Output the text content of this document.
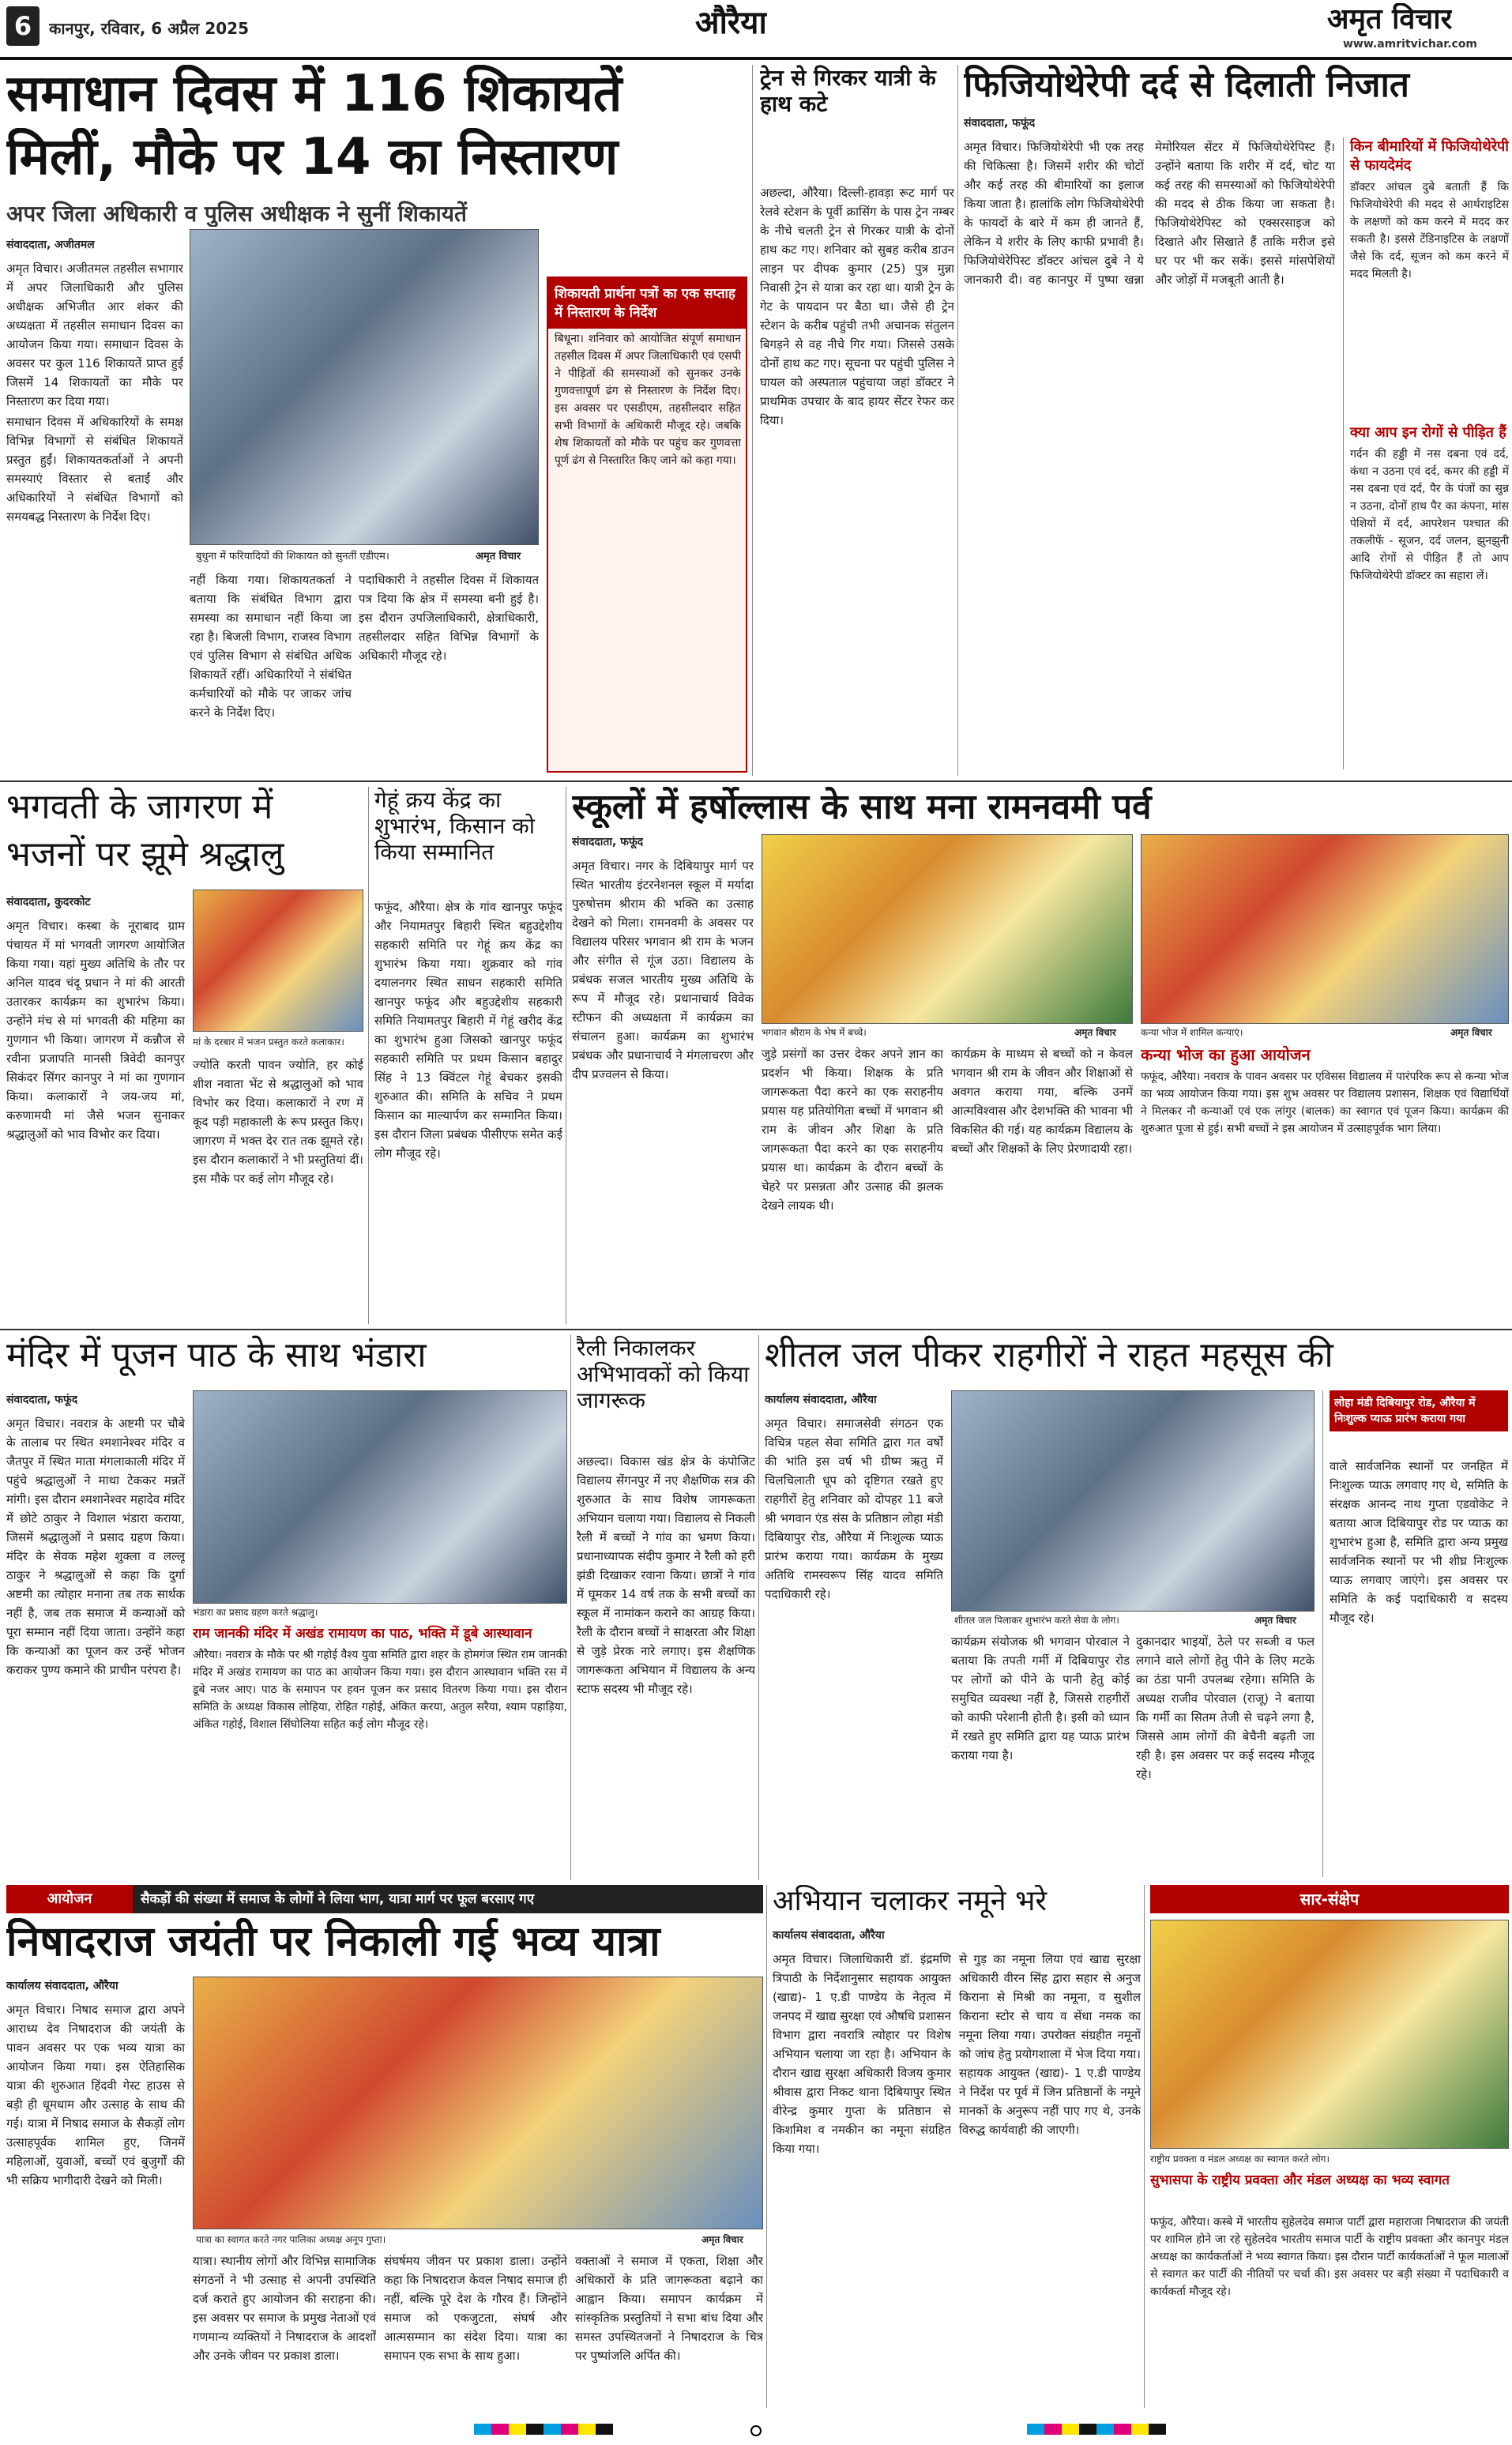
6	कानपुर, रविवार, 6 अप्रैल 2025	औरैया	अमृत विचार
www.amritvichar.com
समाधान दिवस में 116 शिकायतें
मिलीं, मौके पर 14 का निस्तारण
अपर जिला अधिकारी व पुलिस अधीक्षक ने सुनीं शिकायतें
संवाददाता, अजीतमल
बुधुना में फरियादियों की शिकायत को सुनतीं एडीएम।	अमृत विचार

अमृत विचार। अजीतमल तहसील सभागार में अपर जिलाधिकारी और पुलिस अधीक्षक अभिजीत आर शंकर की अध्यक्षता में तहसील समाधान दिवस का आयोजन किया गया। समाधान दिवस के अवसर पर कुल 116 शिकायतें प्राप्त हुई जिसमें 14 शिकायतों का मौके पर निस्तारण कर दिया गया।

समाधान दिवस में अधिकारियों के समक्ष विभिन्न विभागों से संबंधित शिकायतें प्रस्तुत हुईं। शिकायतकर्ताओं ने अपनी समस्याएं विस्तार से बताईं और अधिकारियों ने संबंधित विभागों को समयबद्ध निस्तारण के निर्देश दिए।

नहीं किया गया। शिकायतकर्ता ने बताया कि संबंधित विभाग द्वारा समस्या का समाधान नहीं किया जा रहा है। बिजली विभाग, राजस्व विभाग एवं पुलिस विभाग से संबंधित अधिक शिकायतें रहीं। अधिकारियों ने संबंधित कर्मचारियों को मौके पर जाकर जांच करने के निर्देश दिए।

पदाधिकारी ने तहसील दिवस में शिकायत पत्र दिया कि क्षेत्र में समस्या बनी हुई है। इस दौरान उपजिलाधिकारी, क्षेत्राधिकारी, तहसीलदार सहित विभिन्न विभागों के अधिकारी मौजूद रहे।

शिकायती प्रार्थना पत्रों का एक सप्ताह में निस्तारण के निर्देश
बिधूना। शनिवार को आयोजित संपूर्ण समाधान तहसील दिवस में अपर जिलाधिकारी एवं एसपी ने पीड़ितों की समस्याओं को सुनकर उनके गुणवत्तापूर्ण ढंग से निस्तारण के निर्देश दिए। इस अवसर पर एसडीएम, तहसीलदार सहित सभी विभागों के अधिकारी मौजूद रहे। जबकि शेष शिकायतों को मौके पर पहुंच कर गुणवत्ता पूर्ण ढंग से निस्तारित किए जाने को कहा गया।
ट्रेन से गिरकर यात्री के हाथ कटे
अछल्दा, औरैया। दिल्ली-हावड़ा रूट मार्ग पर रेलवे स्टेशन के पूर्वी क्रासिंग के पास ट्रेन नम्बर के नीचे चलती ट्रेन से गिरकर यात्री के दोनों हाथ कट गए। शनिवार को सुबह करीब डाउन लाइन पर दीपक कुमार (25) पुत्र मुन्ना निवासी ट्रेन से यात्रा कर रहा था। यात्री ट्रेन के गेट के पायदान पर बैठा था। जैसे ही ट्रेन स्टेशन के करीब पहुंची तभी अचानक संतुलन बिगड़ने से वह नीचे गिर गया। जिससे उसके दोनों हाथ कट गए। सूचना पर पहुंची पुलिस ने घायल को अस्पताल पहुंचाया जहां डॉक्टर ने प्राथमिक उपचार के बाद हायर सेंटर रेफर कर दिया।
फिजियोथेरेपी दर्द से दिलाती निजात
संवाददाता, फफूंद
अमृत विचार। फिजियोथेरेपी भी एक तरह की चिकित्सा है। जिसमें शरीर की चोटों और कई तरह की बीमारियों का इलाज किया जाता है। हालांकि लोग फिजियोथेरेपी के फायदों के बारे में कम ही जानते हैं, लेकिन ये शरीर के लिए काफी प्रभावी है। फिजियोथेरेपिस्ट डॉक्टर आंचल दुबे ने ये जानकारी दी। वह कानपुर में पुष्पा खन्ना मेमोरियल सेंटर में फिजियोथेरेपिस्ट हैं। उन्होंने बताया कि शरीर में दर्द, चोट या कई तरह की समस्याओं को फिजियोथेरेपी की मदद से ठीक किया जा सकता है। फिजियोथेरेपिस्ट को एक्सरसाइज को दिखाते और सिखाते हैं ताकि मरीज इसे घर पर भी कर सकें। इससे मांसपेशियों और जोड़ों में मजबूती आती है।
किन बीमारियों में फिजियोथेरेपी से फायदेमंद
डॉक्टर आंचल दुबे बताती हैं कि फिजियोथेरेपी की मदद से आर्थराइटिस के लक्षणों को कम करने में मदद कर सकती है। इससे टेंडिनाइटिस के लक्षणों जैसे कि दर्द, सूजन को कम करने में मदद मिलती है।
क्या आप इन रोगों से पीड़ित हैं
गर्दन की हड्डी में नस दबना एवं दर्द, कंधा न उठना एवं दर्द, कमर की हड्डी में नस दबना एवं दर्द, पैर के पंजों का सुन्न न उठना, दोनों हाथ पैर का कंपना, मांस पेशियों में दर्द, आपरेशन पश्चात की तकलीफें - सूजन, दर्द जलन, झुनझुनी आदि रोगों से पीड़ित हैं तो आप फिजियोथेरेपी डॉक्टर का सहारा लें।
भगवती के जागरण में
भजनों पर झूमे श्रद्धालु
संवाददाता, कुदरकोट
मां के दरबार में भजन प्रस्तुत करते कलाकार।
अमृत विचार। कस्बा के नूराबाद ग्राम पंचायत में मां भगवती जागरण आयोजित किया गया। यहां मुख्य अतिथि के तौर पर अनिल यादव चंदू प्रधान ने मां की आरती उतारकर कार्यक्रम का शुभारंभ किया। उन्होंने मंच से मां भगवती की महिमा का गुणगान भी किया। जागरण में कन्नौज से रवीना प्रजापति मानसी त्रिवेदी कानपुर सिकंदर सिंगर कानपुर ने मां का गुणगान किया। कलाकारों ने जय-जय मां, करुणामयी मां जैसे भजन सुनाकर श्रद्धालुओं को भाव विभोर कर दिया।
ज्योति करती पावन ज्योति, हर कोई शीश नवाता भेंट से श्रद्धालुओं को भाव विभोर कर दिया। कलाकारों ने रण में कूद पड़ी महाकाली के रूप प्रस्तुत किए। जागरण में भक्त देर रात तक झूमते रहे। इस दौरान कलाकारों ने भी प्रस्तुतियां दीं। इस मौके पर कई लोग मौजूद रहे।
गेहूं क्रय केंद्र का शुभारंभ, किसान को किया सम्मानित
फफूंद, औरैया। क्षेत्र के गांव खानपुर फफूंद और नियामतपुर बिहारी स्थित बहुउद्देशीय सहकारी समिति पर गेहूं क्रय केंद्र का शुभारंभ किया गया। शुक्रवार को गांव दयालनगर स्थित साधन सहकारी समिति खानपुर फफूंद और बहुउद्देशीय सहकारी समिति नियामतपुर बिहारी में गेहूं खरीद केंद्र का शुभारंभ हुआ जिसको खानपुर फफूंद सहकारी समिति पर प्रथम किसान बहादुर सिंह ने 13 क्विंटल गेहूं बेचकर इसकी शुरुआत की। समिति के सचिव ने प्रथम किसान का माल्यार्पण कर सम्मानित किया। इस दौरान जिला प्रबंधक पीसीएफ समेत कई लोग मौजूद रहे।
स्कूलों में हर्षोल्लास के साथ मना रामनवमी पर्व
संवाददाता, फफूंद
भगवान श्रीराम के भेष में बच्चे।	अमृत विचार	कन्या भोज में शामिल कन्याएं।	अमृत विचार
अमृत विचार। नगर के दिबियापुर मार्ग पर स्थित भारतीय इंटरनेशनल स्कूल में मर्यादा पुरुषोत्तम श्रीराम की भक्ति का उत्साह देखने को मिला। रामनवमी के अवसर पर विद्यालय परिसर भगवान श्री राम के भजन और संगीत से गूंज उठा। विद्यालय के प्रबंधक सजल भारतीय मुख्य अतिथि के रूप में मौजूद रहे। प्रधानाचार्य विवेक स्टीफन की अध्यक्षता में कार्यक्रम का संचालन हुआ। कार्यक्रम का शुभारंभ प्रबंधक और प्रधानाचार्य ने मंगलाचरण और दीप प्रज्वलन से किया।
जुड़े प्रसंगों का उत्तर देकर अपने ज्ञान का प्रदर्शन भी किया। शिक्षक के प्रति जागरूकता पैदा करने का एक सराहनीय प्रयास यह प्रतियोगिता बच्चों में भगवान श्री राम के जीवन और शिक्षा के प्रति जागरूकता पैदा करने का एक सराहनीय प्रयास था। कार्यक्रम के दौरान बच्चों के चेहरे पर प्रसन्नता और उत्साह की झलक देखने लायक थी।
कार्यक्रम के माध्यम से बच्चों को न केवल भगवान श्री राम के जीवन और शिक्षाओं से अवगत कराया गया, बल्कि उनमें आत्मविश्वास और देशभक्ति की भावना भी विकसित की गई। यह कार्यक्रम विद्यालय के बच्चों और शिक्षकों के लिए प्रेरणादायी रहा।
कन्या भोज का हुआ आयोजन
फफूंद, औरैया। नवरात्र के पावन अवसर पर एविसस विद्यालय में पारंपरिक रूप से कन्या भोज का भव्य आयोजन किया गया। इस शुभ अवसर पर विद्यालय प्रशासन, शिक्षक एवं विद्यार्थियों ने मिलकर नौ कन्याओं एवं एक लांगुर (बालक) का स्वागत एवं पूजन किया। कार्यक्रम की शुरुआत पूजा से हुई। सभी बच्चों ने इस आयोजन में उत्साहपूर्वक भाग लिया।
मंदिर में पूजन पाठ के साथ भंडारा
संवाददाता, फफूंद
भंडारा का प्रसाद ग्रहण करते श्रद्धालु।
अमृत विचार। नवरात्र के अष्टमी पर चौबे के तालाब पर स्थित श्मशानेश्वर मंदिर व जैतपुर में स्थित माता मंगलाकाली मंदिर में पहुंचे श्रद्धालुओं ने माथा टेककर मन्नतें मांगी। इस दौरान श्मशानेश्वर महादेव मंदिर में छोटे ठाकुर ने विशाल भंडारा कराया, जिसमें श्रद्धालुओं ने प्रसाद ग्रहण किया। मंदिर के सेवक महेश शुक्ला व लल्लू ठाकुर ने श्रद्धालुओं से कहा कि दुर्गा अष्टमी का त्योहार मनाना तब तक सार्थक नहीं है, जब तक समाज में कन्याओं को पूरा सम्मान नहीं दिया जाता। उन्होंने कहा कि कन्याओं का पूजन कर उन्हें भोजन कराकर पुण्य कमाने की प्राचीन परंपरा है।
राम जानकी मंदिर में अखंड रामायण का पाठ, भक्ति में डूबे आस्थावान
औरैया। नवरात्र के मौके पर श्री गहोई वैश्य युवा समिति द्वारा शहर के होमगंज स्थित राम जानकी मंदिर में अखंड रामायण का पाठ का आयोजन किया गया। इस दौरान आस्थावान भक्ति रस में डूबे नजर आए। पाठ के समापन पर हवन पूजन कर प्रसाद वितरण किया गया। इस दौरान समिति के अध्यक्ष विकास लोहिया, रोहित गहोई, अंकित करया, अतुल सरैया, श्याम पहाड़िया, अंकित गहोई, विशाल सिंघोलिया सहित कई लोग मौजूद रहे।
रैली निकालकर अभिभावकों को किया जागरूक
अछल्दा। विकास खंड क्षेत्र के कंपोजिट विद्यालय सेंगनपुर में नए शैक्षणिक सत्र की शुरुआत के साथ विशेष जागरूकता अभियान चलाया गया। विद्यालय से निकली रैली में बच्चों ने गांव का भ्रमण किया। प्रधानाध्यापक संदीप कुमार ने रैली को हरी झंडी दिखाकर रवाना किया। छात्रों ने गांव में घूमकर 14 वर्ष तक के सभी बच्चों का स्कूल में नामांकन कराने का आग्रह किया। रैली के दौरान बच्चों ने साक्षरता और शिक्षा से जुड़े प्रेरक नारे लगाए। इस शैक्षणिक जागरूकता अभियान में विद्यालय के अन्य स्टाफ सदस्य भी मौजूद रहे।
शीतल जल पीकर राहगीरों ने राहत महसूस की
कार्यालय संवाददाता, औरैया
शीतल जल पिलाकर शुभारंभ करते सेवा के लोग।	अमृत विचार
अमृत विचार। समाजसेवी संगठन एक विचित्र पहल सेवा समिति द्वारा गत वर्षों की भांति इस वर्ष भी ग्रीष्म ऋतु में चिलचिलाती धूप को दृष्टिगत रखते हुए राहगीरों हेतु शनिवार को दोपहर 11 बजे श्री भगवान एंड संस के प्रतिष्ठान लोहा मंडी दिबियापुर रोड, औरैया में निःशुल्क प्याऊ प्रारंभ कराया गया। कार्यक्रम के मुख्य अतिथि रामस्वरूप सिंह यादव समिति पदाधिकारी रहे।
कार्यक्रम संयोजक श्री भगवान पोरवाल ने बताया कि तपती गर्मी में दिबियापुर रोड पर लोगों को पीने के पानी हेतु कोई समुचित व्यवस्था नहीं है, जिससे राहगीरों को काफी परेशानी होती है। इसी को ध्यान में रखते हुए समिति द्वारा यह प्याऊ प्रारंभ कराया गया है।
दुकानदार भाइयों, ठेले पर सब्जी व फल लगाने वाले लोगों हेतु पीने के लिए मटके का ठंडा पानी उपलब्ध रहेगा। समिति के अध्यक्ष राजीव पोरवाल (राजू) ने बताया कि गर्मी का सितम तेजी से चढ़ने लगा है, जिससे आम लोगों की बेचैनी बढ़ती जा रही है। इस अवसर पर कई सदस्य मौजूद रहे।
लोहा मंडी दिबियापुर रोड, औरैया में निःशुल्क प्याऊ प्रारंभ कराया गया
वाले सार्वजनिक स्थानों पर जनहित में निःशुल्क प्याऊ लगवाए गए थे, समिति के संरक्षक आनन्द नाथ गुप्ता एडवोकेट ने बताया आज दिबियापुर रोड पर प्याऊ का शुभारंभ हुआ है, समिति द्वारा अन्य प्रमुख सार्वजनिक स्थानों पर भी शीघ्र निःशुल्क प्याऊ लगवाए जाएंगे। इस अवसर पर समिति के कई पदाधिकारी व सदस्य मौजूद रहे।
आयोजन	सैकड़ों की संख्या में समाज के लोगों ने लिया भाग, यात्रा मार्ग पर फूल बरसाए गए
निषादराज जयंती पर निकाली गई भव्य यात्रा
कार्यालय संवाददाता, औरैया
यात्रा का स्वागत करते नगर पालिका अध्यक्ष अनूप गुप्ता।	अमृत विचार
अमृत विचार। निषाद समाज द्वारा अपने आराध्य देव निषादराज की जयंती के पावन अवसर पर एक भव्य यात्रा का आयोजन किया गया। इस ऐतिहासिक यात्रा की शुरुआत हिंदवी गेस्ट हाउस से बड़ी ही धूमधाम और उत्साह के साथ की गई। यात्रा में निषाद समाज के सैकड़ों लोग उत्साहपूर्वक शामिल हुए, जिनमें महिलाओं, युवाओं, बच्चों एवं बुजुर्गों की भी सक्रिय भागीदारी देखने को मिली।
यात्रा। स्थानीय लोगों और विभिन्न सामाजिक संगठनों ने भी उत्साह से अपनी उपस्थिति दर्ज कराते हुए आयोजन की सराहना की। इस अवसर पर समाज के प्रमुख नेताओं एवं गणमान्य व्यक्तियों ने निषादराज के आदर्शों और उनके जीवन पर प्रकाश डाला।
संघर्षमय जीवन पर प्रकाश डाला। उन्होंने कहा कि निषादराज केवल निषाद समाज ही नहीं, बल्कि पूरे देश के गौरव हैं। जिन्होंने समाज को एकजुटता, संघर्ष और आत्मसम्मान का संदेश दिया। यात्रा का समापन एक सभा के साथ हुआ।
वक्ताओं ने समाज में एकता, शिक्षा और अधिकारों के प्रति जागरूकता बढ़ाने का आह्वान किया। समापन कार्यक्रम में सांस्कृतिक प्रस्तुतियों ने सभा बांध दिया और समस्त उपस्थितजनों ने निषादराज के चित्र पर पुष्पांजलि अर्पित की।
अभियान चलाकर नमूने भरे
कार्यालय संवाददाता, औरैया
अमृत विचार। जिलाधिकारी डॉ. इंद्रमणि त्रिपाठी के निर्देशानुसार सहायक आयुक्त (खाद्य)- 1 ए.डी पाण्डेय के नेतृत्व में जनपद में खाद्य सुरक्षा एवं औषधि प्रशासन विभाग द्वारा नवरात्रि त्योहार पर विशेष अभियान चलाया जा रहा है। अभियान के दौरान खाद्य सुरक्षा अधिकारी विजय कुमार श्रीवास द्वारा निकट थाना दिबियापुर स्थित वीरेन्द्र कुमार गुप्ता के प्रतिष्ठान से किशमिश व नमकीन का नमूना संग्रहित किया गया।
से गुड़ का नमूना लिया एवं खाद्य सुरक्षा अधिकारी वीरन सिंह द्वारा सहार से अनुज किराना से मिश्री का नमूना, व सुशील किराना स्टोर से चाय व सेंधा नमक का नमूना लिया गया। उपरोक्त संग्रहीत नमूनों को जांच हेतु प्रयोगशाला में भेज दिया गया। सहायक आयुक्त (खाद्य)- 1 ए.डी पाण्डेय ने निर्देश पर पूर्व में जिन प्रतिष्ठानों के नमूने मानकों के अनुरूप नहीं पाए गए थे, उनके विरुद्ध कार्यवाही की जाएगी।
सार-संक्षेप
राष्ट्रीय प्रवक्ता व मंडल अध्यक्ष का स्वागत करते लोग।
सुभासपा के राष्ट्रीय प्रवक्ता और मंडल अध्यक्ष का भव्य स्वागत
फफूंद, औरैया। कस्बे में भारतीय सुहेलदेव समाज पार्टी द्वारा महाराजा निषादराज की जयंती पर शामिल होने जा रहे सुहेलदेव भारतीय समाज पार्टी के राष्ट्रीय प्रवक्ता और कानपुर मंडल अध्यक्ष का कार्यकर्ताओं ने भव्य स्वागत किया। इस दौरान पार्टी कार्यकर्ताओं ने फूल मालाओं से स्वागत कर पार्टी की नीतियों पर चर्चा की। इस अवसर पर बड़ी संख्या में पदाधिकारी व कार्यकर्ता मौजूद रहे।
